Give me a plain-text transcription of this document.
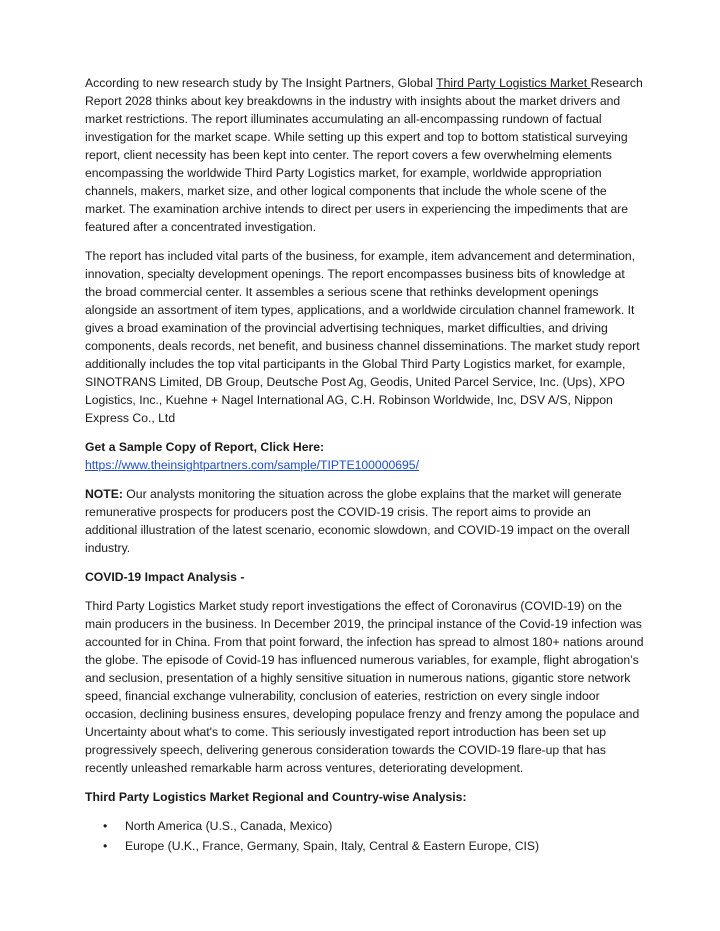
According to new research study by The Insight Partners, Global Third Party Logistics Market Research Report 2028 thinks about key breakdowns in the industry with insights about the market drivers and market restrictions. The report illuminates accumulating an all-encompassing rundown of factual investigation for the market scape. While setting up this expert and top to bottom statistical surveying report, client necessity has been kept into center. The report covers a few overwhelming elements encompassing the worldwide Third Party Logistics market, for example, worldwide appropriation channels, makers, market size, and other logical components that include the whole scene of the market. The examination archive intends to direct per users in experiencing the impediments that are featured after a concentrated investigation.

The report has included vital parts of the business, for example, item advancement and determination, innovation, specialty development openings. The report encompasses business bits of knowledge at the broad commercial center. It assembles a serious scene that rethinks development openings alongside an assortment of item types, applications, and a worldwide circulation channel framework. It gives a broad examination of the provincial advertising techniques, market difficulties, and driving components, deals records, net benefit, and business channel disseminations. The market study report additionally includes the top vital participants in the Global Third Party Logistics market, for example, SINOTRANS Limited, DB Group, Deutsche Post Ag, Geodis, United Parcel Service, Inc. (Ups), XPO Logistics, Inc., Kuehne + Nagel International AG, C.H. Robinson Worldwide, Inc, DSV A/S, Nippon Express Co., Ltd

Get a Sample Copy of Report, Click Here:
https://www.theinsightpartners.com/sample/TIPTE100000695/

NOTE: Our analysts monitoring the situation across the globe explains that the market will generate remunerative prospects for producers post the COVID-19 crisis. The report aims to provide an additional illustration of the latest scenario, economic slowdown, and COVID-19 impact on the overall industry.

COVID-19 Impact Analysis -

Third Party Logistics Market study report investigations the effect of Coronavirus (COVID-19) on the main producers in the business. In December 2019, the principal instance of the Covid-19 infection was accounted for in China. From that point forward, the infection has spread to almost 180+ nations around the globe. The episode of Covid-19 has influenced numerous variables, for example, flight abrogation’s and seclusion, presentation of a highly sensitive situation in numerous nations, gigantic store network speed, financial exchange vulnerability, conclusion of eateries, restriction on every single indoor occasion, declining business ensures, developing populace frenzy and frenzy among the populace and Uncertainty about what's to come. This seriously investigated report introduction has been set up progressively speech, delivering generous consideration towards the COVID-19 flare-up that has recently unleashed remarkable harm across ventures, deteriorating development.

Third Party Logistics Market Regional and Country-wise Analysis:

• North America (U.S., Canada, Mexico)
• Europe (U.K., France, Germany, Spain, Italy, Central & Eastern Europe, CIS)
